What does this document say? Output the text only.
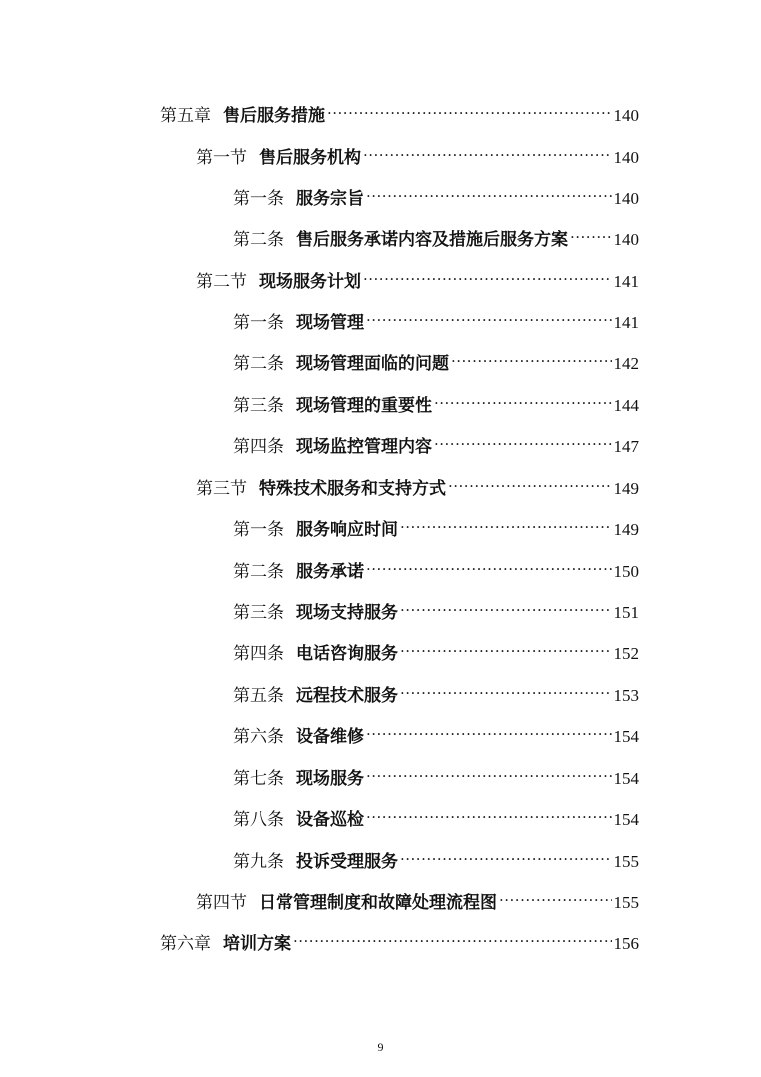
第五章 售后服务措施 .....	140
第一节 售后服务机构 .....	140
第一条 服务宗旨 .....	140
第二条 售后服务承诺内容及措施后服务方案 .....	140
第二节 现场服务计划 .....	141
第一条 现场管理 .....	141
第二条 现场管理面临的问题 .....	142
第三条 现场管理的重要性 .....	144
第四条 现场监控管理内容 .....	147
第三节 特殊技术服务和支持方式 .....	149
第一条 服务响应时间 .....	149
第二条 服务承诺 .....	150
第三条 现场支持服务 .....	151
第四条 电话咨询服务 .....	152
第五条 远程技术服务 .....	153
第六条 设备维修 .....	154
第七条 现场服务 .....	154
第八条 设备巡检 .....	154
第九条 投诉受理服务 .....	155
第四节 日常管理制度和故障处理流程图 .....	155
第六章 培训方案 .....	156
9
